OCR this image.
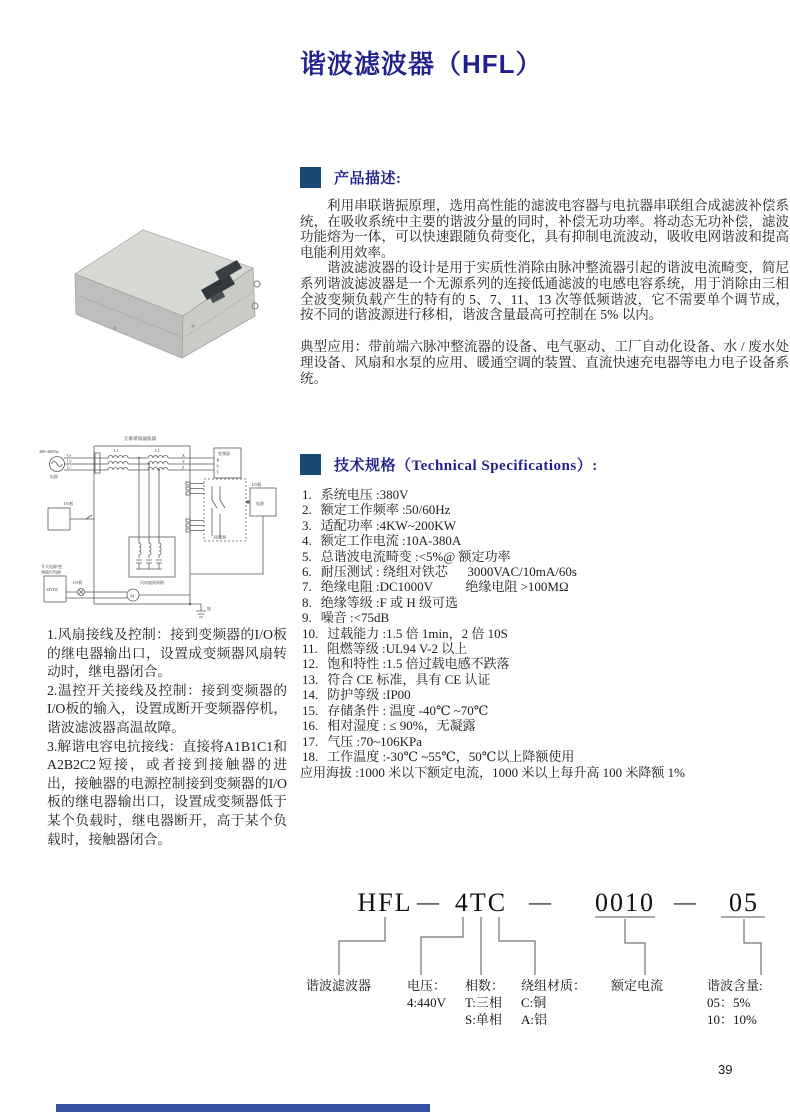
谐波滤波器（HFL）
产品描述:

利用串联谐振原理，选用高性能的滤波电容器与电抗器串联组合成滤波补偿系统，在吸收系统中主要的谐波分量的同时，补偿无功功率。将动态无功补偿，滤波功能熔为一体，可以快速跟随负荷变化，具有抑制电流波动，吸收电网谐波和提高电能利用效率。

谐波滤波器的设计是用于实质性消除由脉冲整流器引起的谐波电流畸变，简尼系列谐波滤波器是一个无源系列的连接低通滤波的电感电容系统，用于消除由三相全波变频负载产生的特有的 5、7、11、13 次等低频谐波，它不需要单个调节成，按不同的谐波源进行移相，谐波含量最高可控制在 5% 以内。

典型应用：带前端六脉冲整流器的设备、电气驱动、工厂自动化设备、水 / 废水处理设备、风扇和水泵的应用、暖通空调的装置、直流快速充电器等电力电子设备系统。
无源谐波滤波器
380~400Vac
电源
La
Lb
Lc
L1	L2
X
Y
Z
变频器
R
S
T
I/O板
风扇滤波网路
接触器
I/O板
电源
开关电源/变
频输出电源
24VDC
I/O板
M
地
技术规格（Technical Specifications）:
1. 系统电压 :380V
2. 额定工作频率 :50/60Hz
3. 适配功率 :4KW~200KW
4. 额定工作电流 :10A-380A
5. 总谐波电流畸变 :<5%@ 额定功率
6. 耐压测试 : 绕组对铁芯      3000VAC/10mA/60s
7. 绝缘电阻 :DC1000V          绝缘电阻 >100MΩ
8. 绝缘等级 :F 或 H 级可选
9. 噪音 :<75dB
10. 过载能力 :1.5 倍 1min，2 倍 10S
11. 阻燃等级 :UL94 V-2 以上
12. 饱和特性 :1.5 倍过载电感不跌落
13. 符合 CE 标准，具有 CE 认证
14. 防护等级 :IP00
15. 存储条件 : 温度 -40℃ ~70℃
16. 相对湿度 : ≤ 90%，无凝露
17. 气压 :70~106KPa
18. 工作温度 :-30℃ ~55℃，50℃以上降额使用
应用海拔 :1000 米以下额定电流，1000 米以上每升高 100 米降额 1%

1.风扇接线及控制：接到变频器的I/O板的继电器输出口，设置成变频器风扇转动时，继电器闭合。

2.温控开关接线及控制：接到变频器的I/O板的输入，设置成断开变频器停机，谐波滤波器高温故障。

3.解谐电容电抗接线：直接将A1B1C1和A2B2C2短接，或者接到接触器的进出，接触器的电源控制接到变频器的I/O板的继电器输出口，设置成变频器低于某个负载时，继电器断开，高于某个负载时，接触器闭合。

HFL — 4TC — 0010 — 05
谐波滤波器	电压：
4:440V
相数：
T:三相
S:单相
绕组材质：
C:铜
A:铝
额定电流	谐波含量:
05：5%
10：10%
39
